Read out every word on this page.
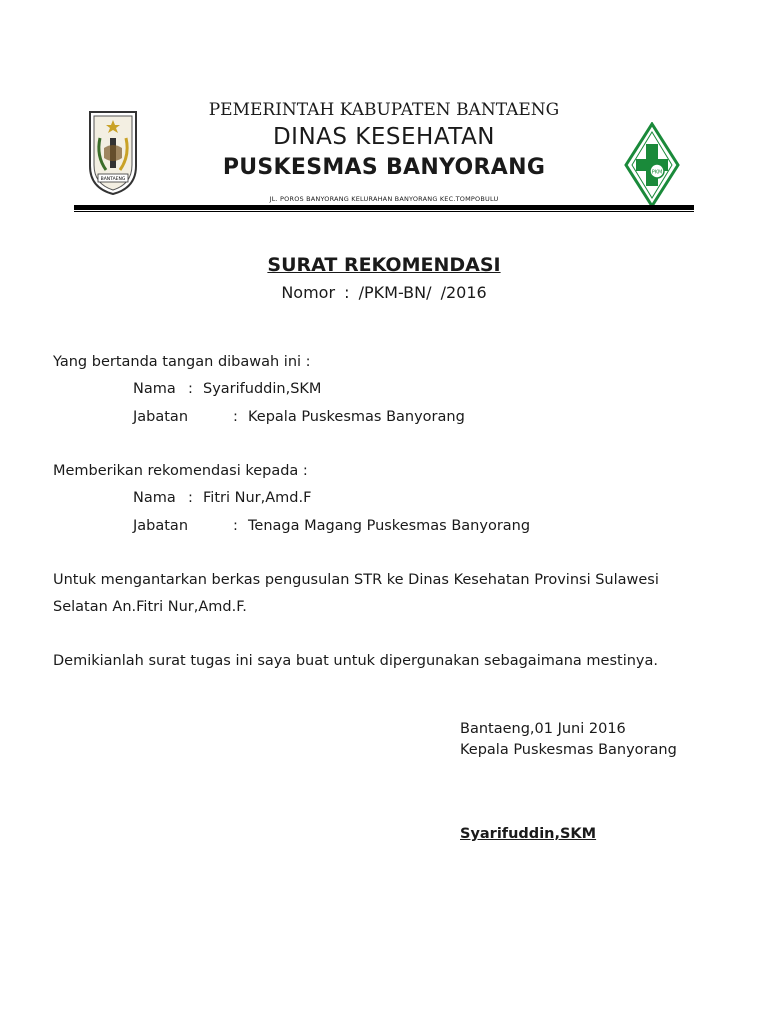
BANTAENG
PEMERINTAH KABUPATEN BANTAENG
DINAS KESEHATAN
PUSKESMAS BANYORANG
JL. POROS BANYORANG KELURAHAN BANYORANG KEC.TOMPOBULU
PKM
SURAT REKOMENDASI
Nomor : /PKM-BN/ /2016
Yang bertanda tangan dibawah ini :
Nama : Syarifuddin,SKM
Jabatan	: Kepala Puskesmas Banyorang
Memberikan rekomendasi kepada :
Nama : Fitri Nur,Amd.F
Jabatan	: Tenaga Magang Puskesmas Banyorang
Untuk mengantarkan berkas pengusulan STR ke Dinas Kesehatan Provinsi Sulawesi
Selatan An.Fitri Nur,Amd.F.
Demikianlah surat tugas ini saya buat untuk dipergunakan sebagaimana mestinya.
Bantaeng,01 Juni 2016
Kepala Puskesmas Banyorang
Syarifuddin,SKM
